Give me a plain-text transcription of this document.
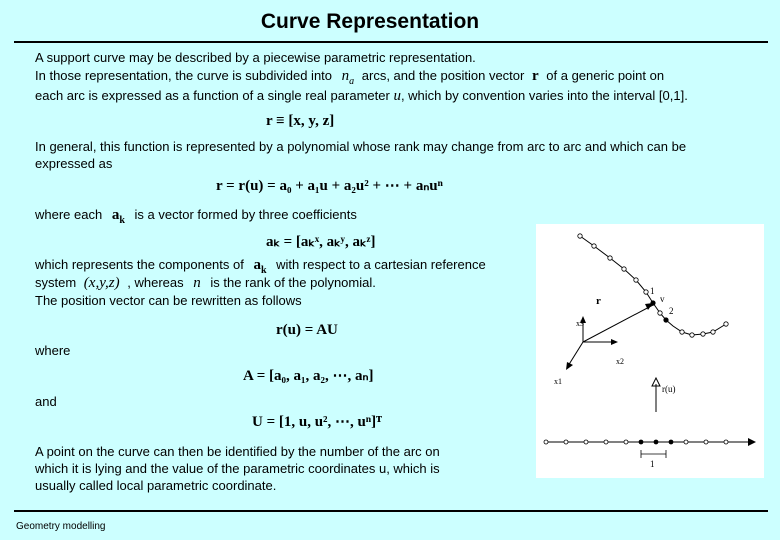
Curve Representation
A support curve may be described by a piecewise parametric representation.
In those representation, the curve is subdivided into $n_a$ arcs, and the position vector r of a generic point on
each arc is expressed as a function of a single real parameter u, which by convention varies into the interval [0,1].
r ≡ [x, y, z]
In general, this function is represented by a polynomial whose rank may change from arc to arc and which can be
expressed as
r = r(u) = a₀ + a₁u + a₂u² + ⋯ + aₙuⁿ
where each $a_k$ is a vector formed by three coefficients
aₖ = [aₖˣ, aₖʸ, aₖᶻ]
which represents the components of $a_k$ with respect to a cartesian reference
system (x,y,z) , whereas n is the rank of the polynomial.
The position vector can be rewritten as follows
r(u) = AU
where
A = [a₀, a₁, a₂, ⋯, aₙ]
and
U = [1, u, u², ⋯, uⁿ]ᵀ
A point on the curve can then be identified by the number of the arc on
which it is lying and the value of the parametric coordinates u, which is
usually called local parametric coordinate.
r
1
v
2
x3
x2
x1
r(u)
1
Geometry modelling
